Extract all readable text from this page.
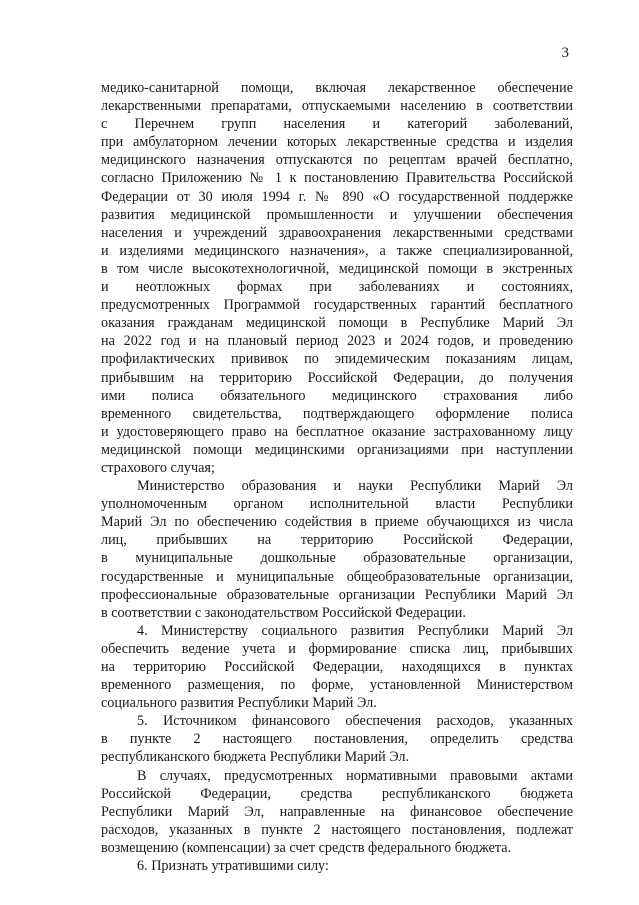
3
медико-санитарной помощи, включая лекарственное обеспечение
лекарственными препаратами, отпускаемыми населению в соответствии
с Перечнем групп населения и категорий заболеваний,
при амбулаторном лечении которых лекарственные средства и изделия
медицинского назначения отпускаются по рецептам врачей бесплатно,
согласно Приложению № 1 к постановлению Правительства Российской
Федерации от 30 июля 1994 г. № 890 «О государственной поддержке
развития медицинской промышленности и улучшении обеспечения
населения и учреждений здравоохранения лекарственными средствами
и изделиями медицинского назначения», а также специализированной,
в том числе высокотехнологичной, медицинской помощи в экстренных
и неотложных формах при заболеваниях и состояниях,
предусмотренных Программой государственных гарантий бесплатного
оказания гражданам медицинской помощи в Республике Марий Эл
на 2022 год и на плановый период 2023 и 2024 годов, и проведению
профилактических прививок по эпидемическим показаниям лицам,
прибывшим на территорию Российской Федерации, до получения
ими полиса обязательного медицинского страхования либо
временного свидетельства, подтверждающего оформление полиса
и удостоверяющего право на бесплатное оказание застрахованному лицу
медицинской помощи медицинскими организациями при наступлении
страхового случая;
Министерство образования и науки Республики Марий Эл
уполномоченным органом исполнительной власти Республики
Марий Эл по обеспечению содействия в приеме обучающихся из числа
лиц, прибывших на территорию Российской Федерации,
в муниципальные дошкольные образовательные организации,
государственные и муниципальные общеобразовательные организации,
профессиональные образовательные организации Республики Марий Эл
в соответствии с законодательством Российской Федерации.
4. Министерству социального развития Республики Марий Эл
обеспечить ведение учета и формирование списка лиц, прибывших
на территорию Российской Федерации, находящихся в пунктах
временного размещения, по форме, установленной Министерством
социального развития Республики Марий Эл.
5. Источником финансового обеспечения расходов, указанных
в пункте 2 настоящего постановления, определить средства
республиканского бюджета Республики Марий Эл.
В случаях, предусмотренных нормативными правовыми актами
Российской Федерации, средства республиканского бюджета
Республики Марий Эл, направленные на финансовое обеспечение
расходов, указанных в пункте 2 настоящего постановления, подлежат
возмещению (компенсации) за счет средств федерального бюджета.
6. Признать утратившими силу:
